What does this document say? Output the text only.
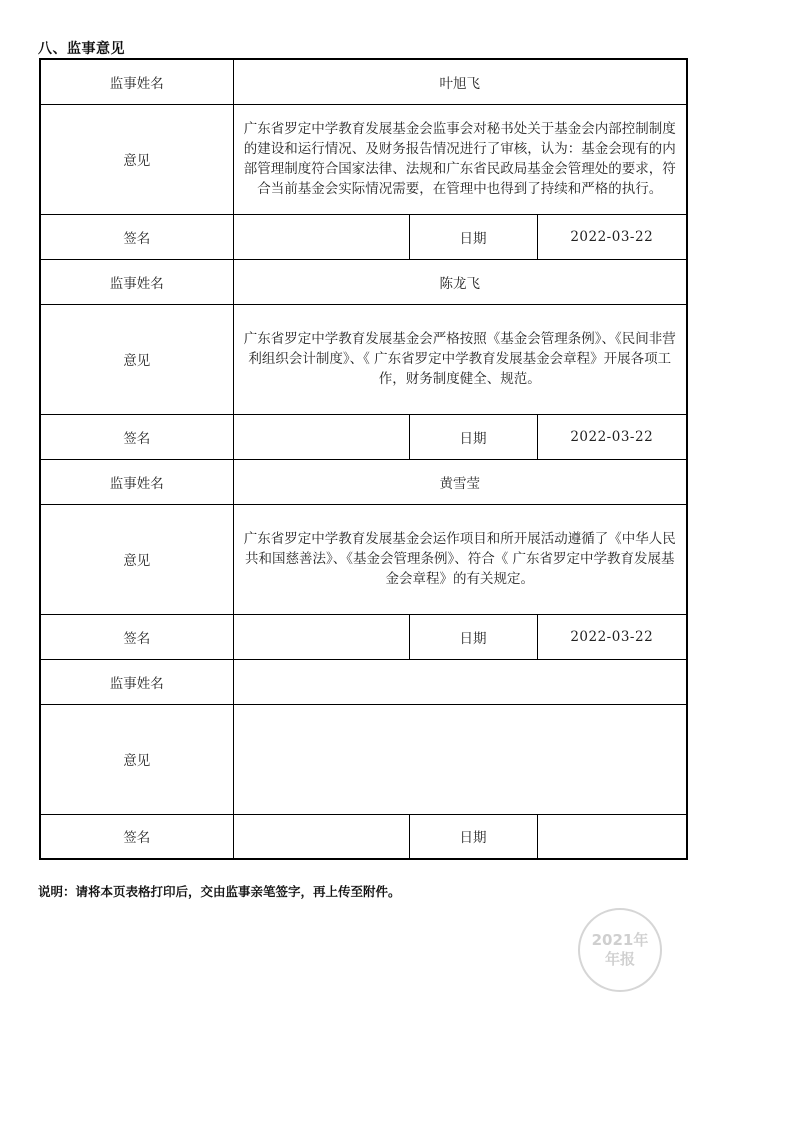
八、监事意见
监事姓名	叶旭飞		
意见	广东省罗定中学教育发展基金会监事会对秘书处关于基金会内部控制制度的建设和运行情况、及财务报告情况进行了审核，认为：基金会现有的内部管理制度符合国家法律、法规和广东省民政局基金会管理处的要求，符合当前基金会实际情况需要，在管理中也得到了持续和严格的执行。		
签名		日期	2022-03-22
监事姓名	陈龙飞		
意见	广东省罗定中学教育发展基金会严格按照《基金会管理条例》、《民间非营利组织会计制度》、《 广东省罗定中学教育发展基金会章程》开展各项工作，财务制度健全、规范。		
签名		日期	2022-03-22
监事姓名	黄雪莹		
意见	广东省罗定中学教育发展基金会运作项目和所开展活动遵循了《中华人民共和国慈善法》、《基金会管理条例》、符合《 广东省罗定中学教育发展基金会章程》的有关规定。		
签名		日期	2022-03-22
监事姓名			
意见			
签名		日期	
说明：请将本页表格打印后，交由监事亲笔签字，再上传至附件。
2021年
年报
